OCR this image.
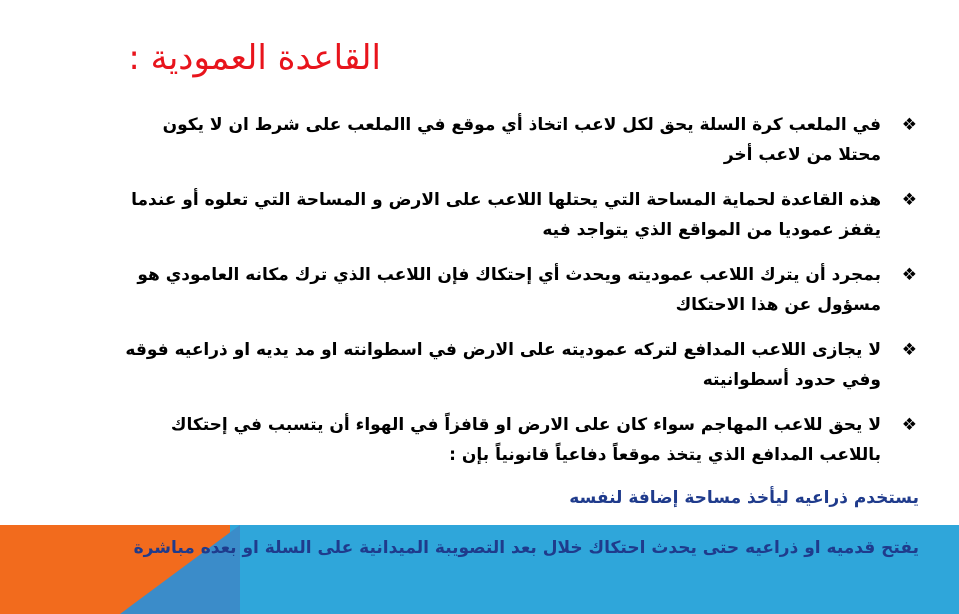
القاعدة العمودية :
❖
في الملعب كرة السلة يحق لكل لاعب اتخاذ أي موقع في االملعب على شرط ان لا يكون محتلا من لاعب أخر
❖
هذه القاعدة لحماية المساحة التي يحتلها اللاعب على الارض و المساحة التي تعلوه أو عندما يقفز عموديا من المواقع الذي يتواجد فيه
❖
بمجرد أن يترك اللاعب عموديته ويحدث أي إحتكاك فإن اللاعب الذي ترك مكانه العامودي هو مسؤول عن هذا الاحتكاك
❖
لا يجازى اللاعب المدافع لتركه عموديته على الارض في اسطوانته او مد يديه او ذراعيه فوقه وفي حدود أسطوانيته
❖
لا يحق للاعب المهاجم سواء كان على الارض او قافزاً في الهواء أن يتسبب في إحتكاك باللاعب المدافع الذي يتخذ موقعاً دفاعياً قانونياً بإن :
يستخدم ذراعيه ليأخذ مساحة إضافة لنفسه
يفتح قدميه او ذراعيه حتى يحدث احتكاك خلال بعد التصويبة الميدانية على السلة او بعده مباشرة
